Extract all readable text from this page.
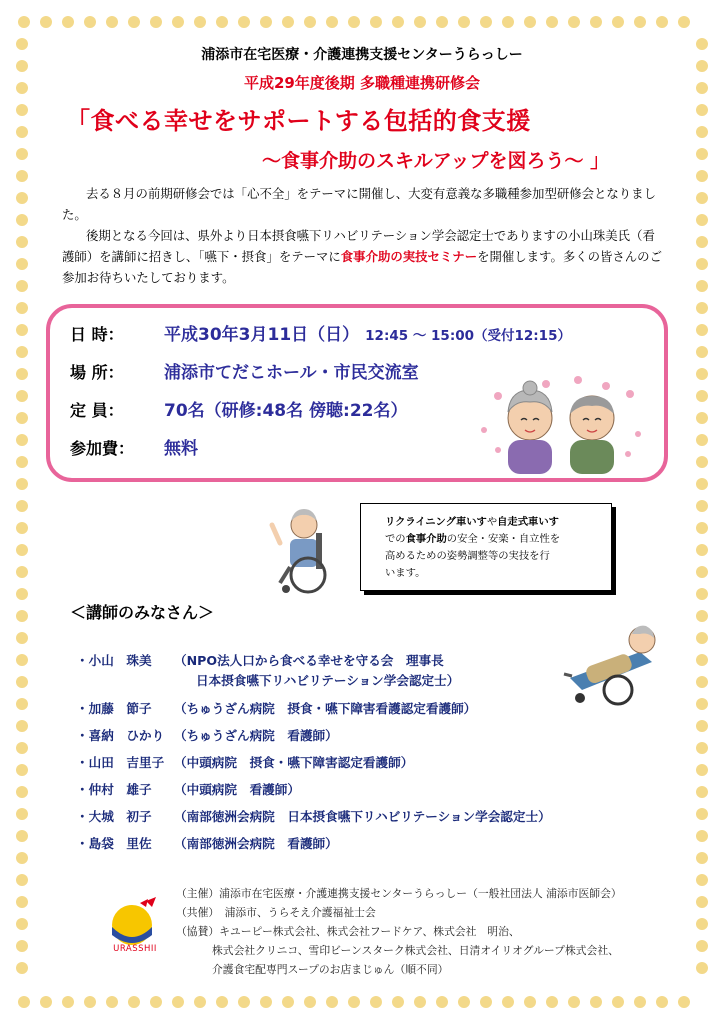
浦添市在宅医療・介護連携支援センターうらっしー
平成29年度後期 多職種連携研修会
「食べる幸せをサポートする包括的食支援
～食事介助のスキルアップを図ろう～ 」

去る８月の前期研修会では「心不全」をテーマに開催し、大変有意義な多職種参加型研修会となりました。

後期となる今回は、県外より日本摂食嚥下リハビリテーション学会認定士でありますの小山珠美氏（看護師）を講師に招きし、「嚥下・摂食」をテーマに食事介助の実技セミナーを開催します。多くの皆さんのご参加お待ちいたしております。

日 時： 平成30年3月11日（日） 12:45 ～ 15:00（受付12:15）
場 所： 浦添市てだこホール・市民交流室
定 員： 70名（研修:48名 傍聴:22名）
参加費： 無料
リクライニング車いすや自走式車いす
での食事介助の安全・安楽・自立性を
高めるための姿勢調整等の実技を行
います。
＜講師のみなさん＞
・小山　珠美 （NPO法人口から食べる幸せを守る会　理事長
日本摂食嚥下リハビリテーション学会認定士）
・加藤　節子 （ちゅうざん病院　摂食・嚥下障害看護認定看護師）
・喜納　ひかり （ちゅうざん病院　看護師）
・山田　吉里子 （中頭病院　摂食・嚥下障害認定看護師）
・仲村　雄子 （中頭病院　看護師）
・大城　初子 （南部徳洲会病院　日本摂食嚥下リハビリテーション学会認定士）
・島袋　里佐 （南部徳洲会病院　看護師）
URASSHII
（主催）浦添市在宅医療・介護連携支援センターうらっしー（一般社団法人 浦添市医師会）
（共催）　浦添市、うらそえ介護福祉士会
（協賛）キユーピー株式会社、株式会社フードケア、株式会社　明治、
株式会社クリニコ、雪印ビーンスターク株式会社、日清オイリオグループ株式会社、
介護食宅配専門スープのお店まじゅん（順不同）
